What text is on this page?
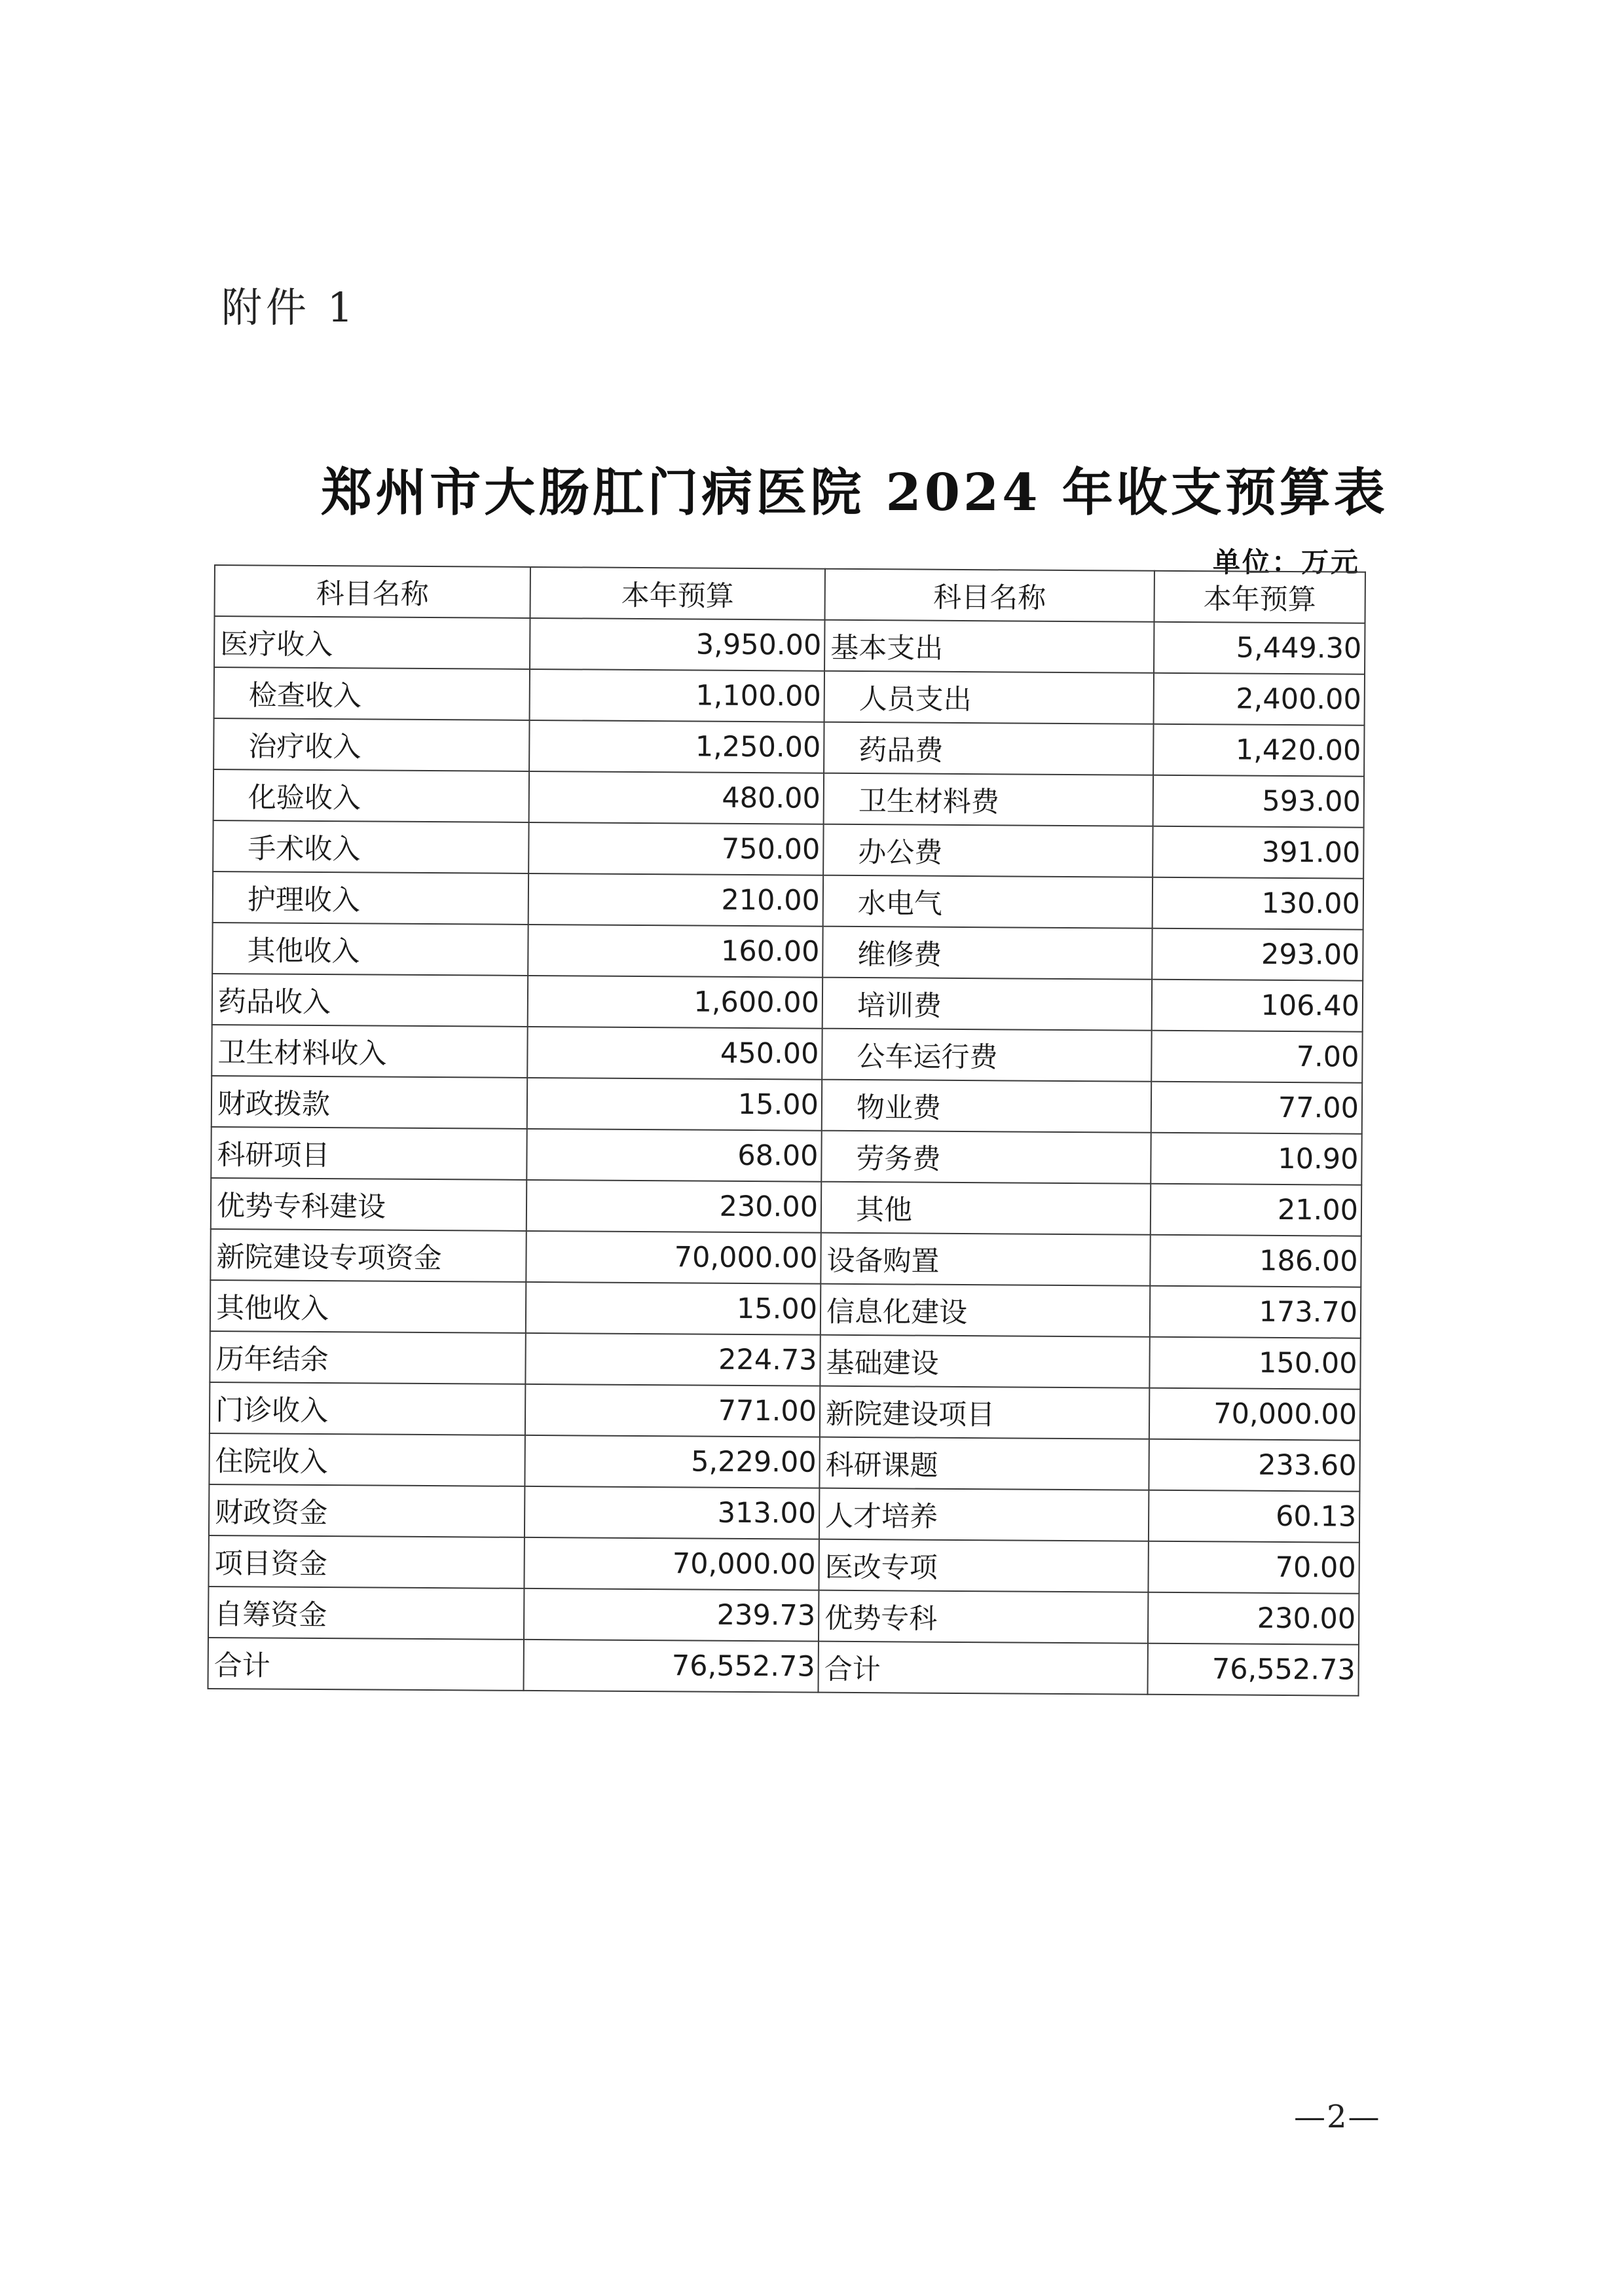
附件 1
郑州市大肠肛门病医院 2024 年收支预算表
单位：万元
科目名称	本年预算	科目名称	本年预算
医疗收入	3,950.00	基本支出	5,449.30
检查收入	1,100.00	人员支出	2,400.00
治疗收入	1,250.00	药品费	1,420.00
化验收入	480.00	卫生材料费	593.00
手术收入	750.00	办公费	391.00
护理收入	210.00	水电气	130.00
其他收入	160.00	维修费	293.00
药品收入	1,600.00	培训费	106.40
卫生材料收入	450.00	公车运行费	7.00
财政拨款	15.00	物业费	77.00
科研项目	68.00	劳务费	10.90
优势专科建设	230.00	其他	21.00
新院建设专项资金	70,000.00	设备购置	186.00
其他收入	15.00	信息化建设	173.70
历年结余	224.73	基础建设	150.00
门诊收入	771.00	新院建设项目	70,000.00
住院收入	5,229.00	科研课题	233.60
财政资金	313.00	人才培养	60.13
项目资金	70,000.00	医改专项	70.00
自筹资金	239.73	优势专科	230.00
合计	76,552.73	合计	76,552.73
—2—
